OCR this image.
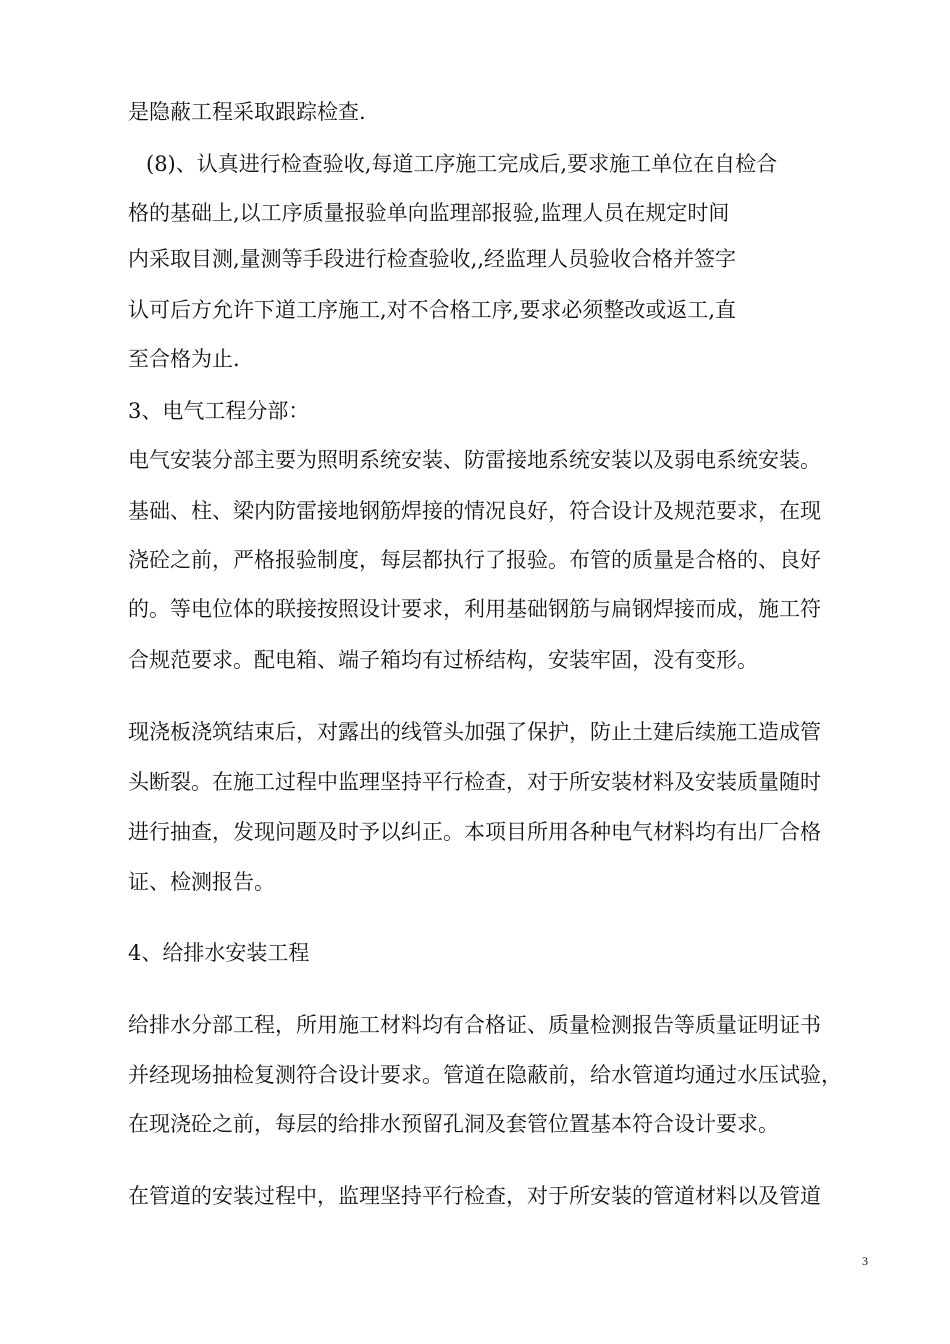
是隐蔽工程采取跟踪检查.

(8)、认真进行检查验收,每道工序施工完成后,要求施工单位在自检合

格的基础上,以工序质量报验单向监理部报验,监理人员在规定时间

内采取目测,量测等手段进行检查验收,,经监理人员验收合格并签字

认可后方允许下道工序施工,对不合格工序,要求必须整改或返工,直

至合格为止.

3、电气工程分部：

电气安装分部主要为照明系统安装、防雷接地系统安装以及弱电系统安装。

基础、柱、梁内防雷接地钢筋焊接的情况良好，符合设计及规范要求，在现

浇砼之前，严格报验制度，每层都执行了报验。布管的质量是合格的、良好

的。等电位体的联接按照设计要求，利用基础钢筋与扁钢焊接而成，施工符

合规范要求。配电箱、端子箱均有过桥结构，安装牢固，没有变形。

现浇板浇筑结束后，对露出的线管头加强了保护，防止土建后续施工造成管

头断裂。在施工过程中监理坚持平行检查，对于所安装材料及安装质量随时

进行抽查，发现问题及时予以纠正。本项目所用各种电气材料均有出厂合格

证、检测报告。

4、给排水安装工程

给排水分部工程，所用施工材料均有合格证、质量检测报告等质量证明证书

并经现场抽检复测符合设计要求。管道在隐蔽前，给水管道均通过水压试验，

在现浇砼之前，每层的给排水预留孔洞及套管位置基本符合设计要求。

在管道的安装过程中，监理坚持平行检查，对于所安装的管道材料以及管道

3
